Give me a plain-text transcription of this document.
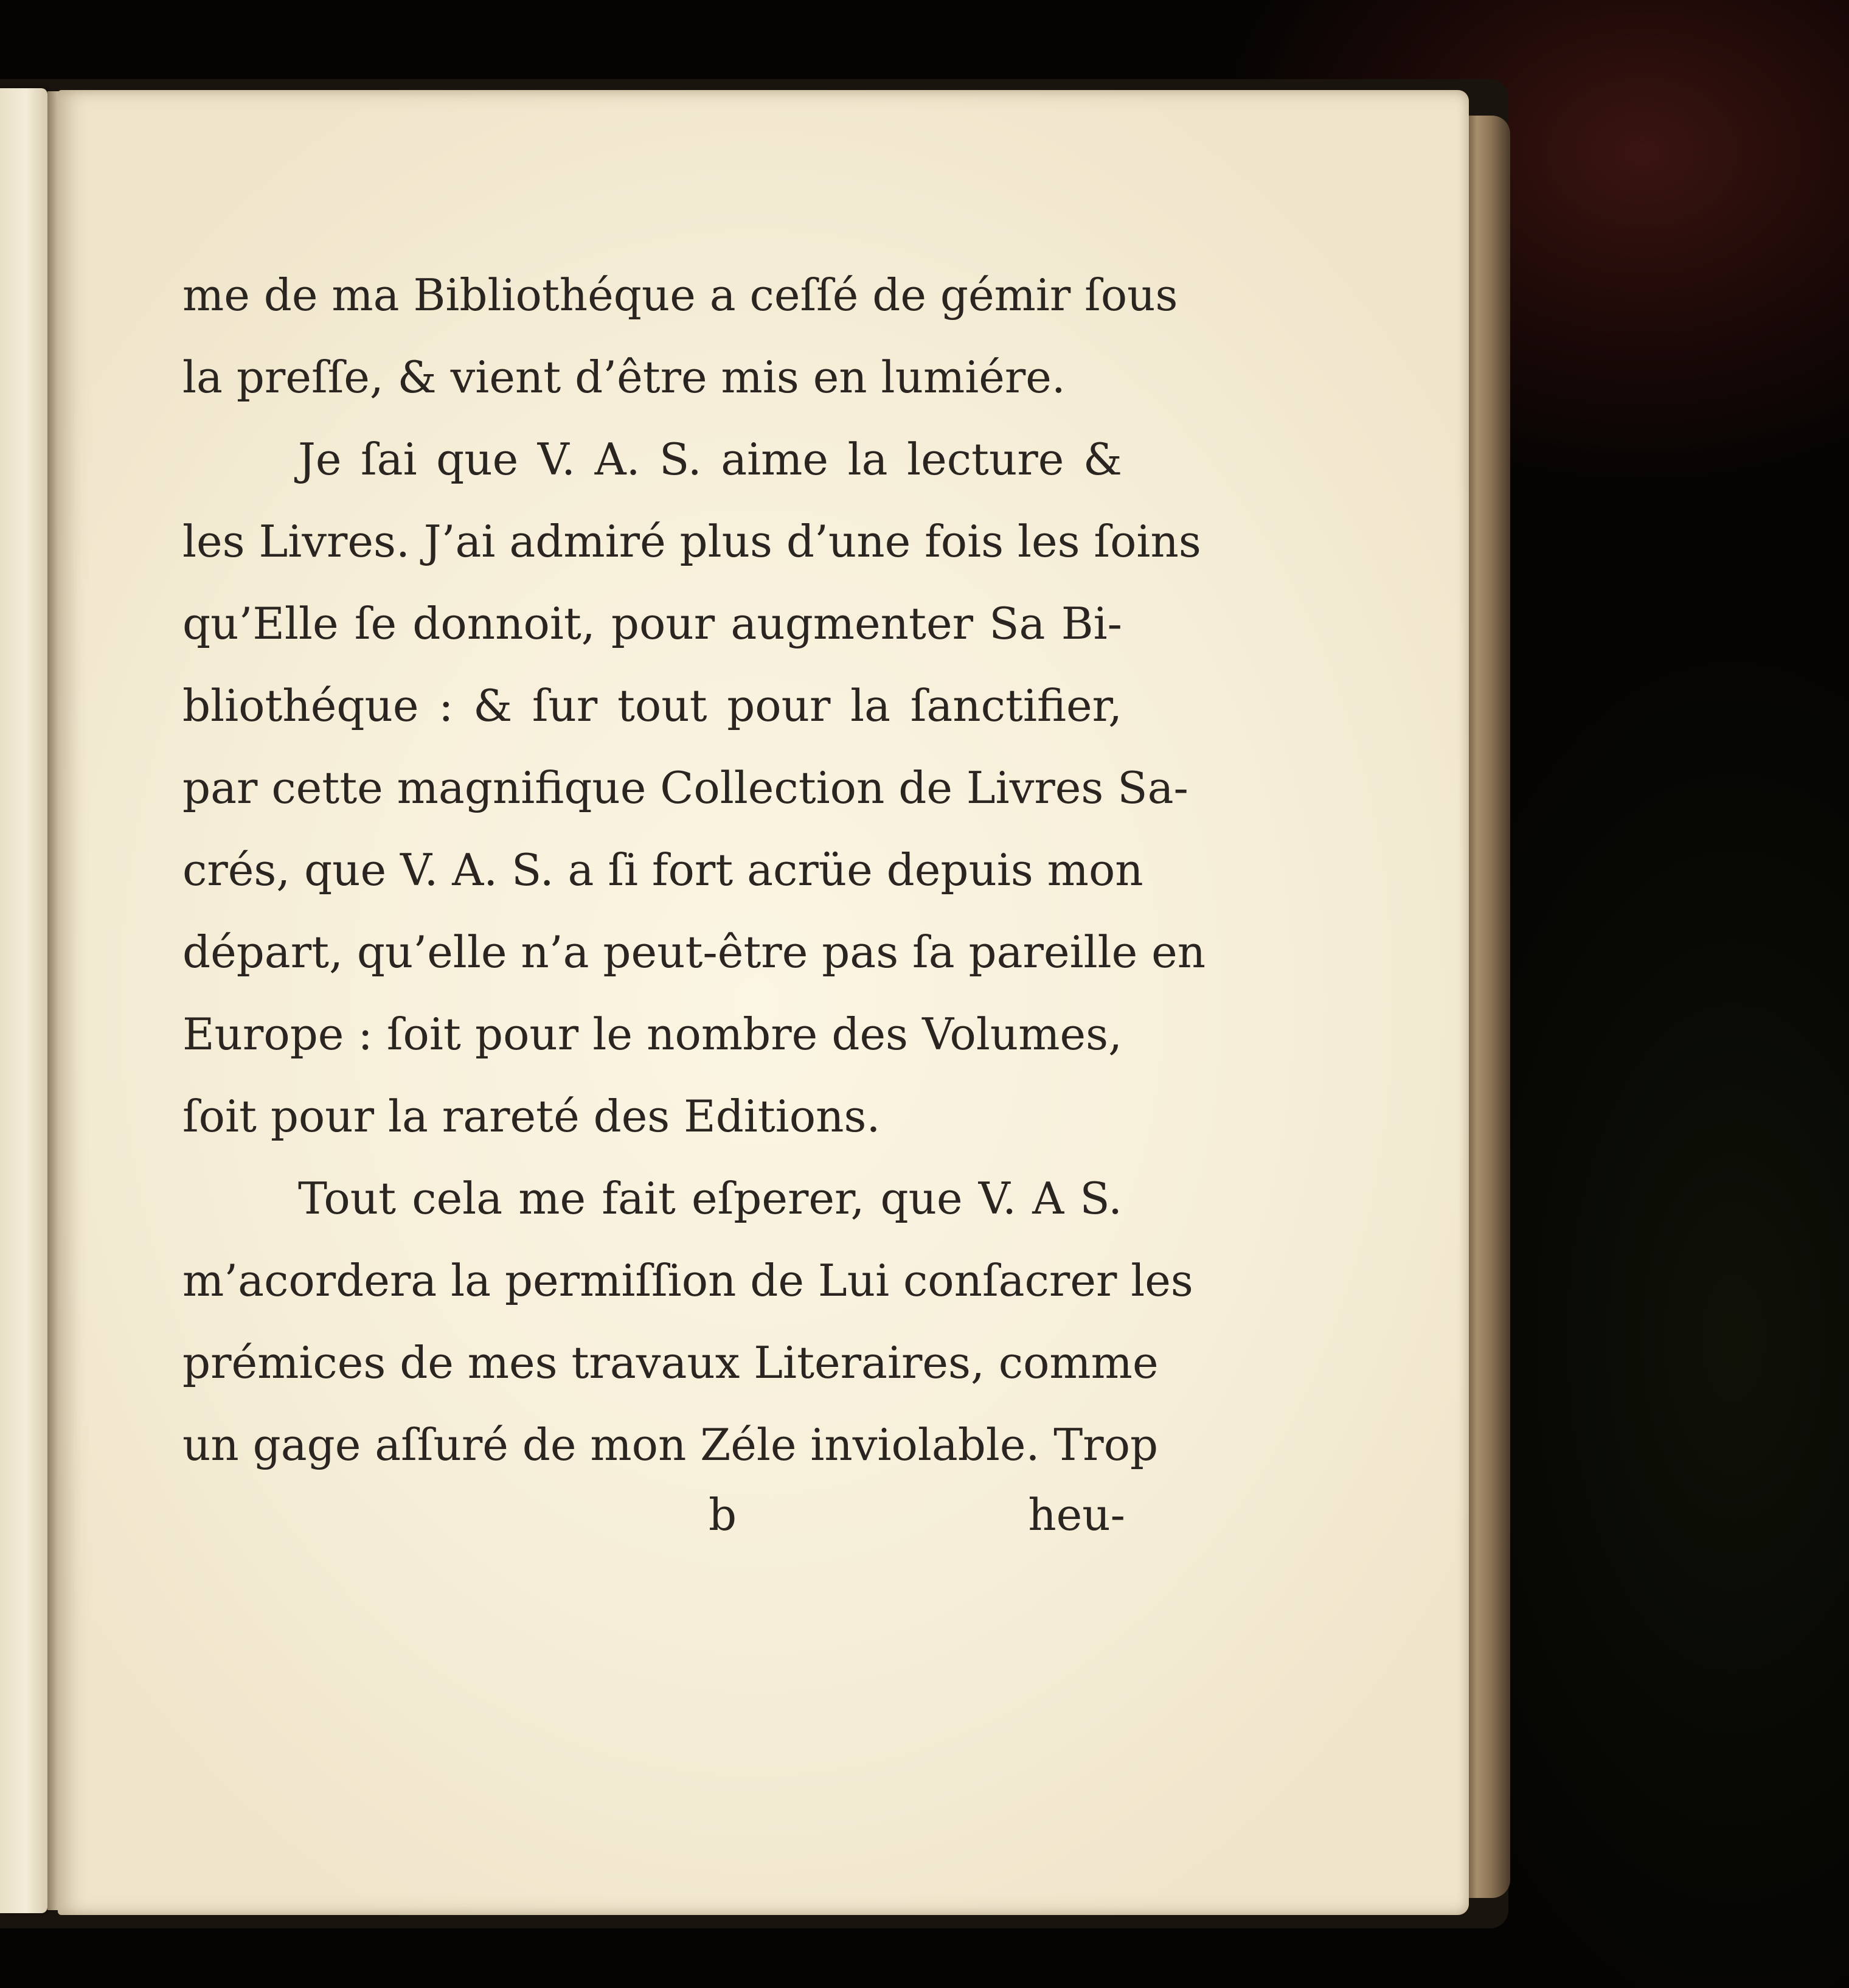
me de ma Bibliothéque a ceſſé de gémir ſous
la preſſe, & vient d’être mis en lumiére.
Je ſai que V. A. S. aime la lecture &
les Livres. J’ai admiré plus d’une fois les ſoins
qu’Elle ſe donnoit, pour augmenter Sa Bi-
bliothéque : & ſur tout pour la ſanctifier,
par cette magnifique Collection de Livres Sa-
crés, que V. A. S. a ſi fort acrüe depuis mon
départ, qu’elle n’a peut-être pas ſa pareille en
Europe : ſoit pour le nombre des Volumes,
ſoit pour la rareté des Editions.
Tout cela me fait eſperer, que V. A S.
m’acordera la permiſſion de Lui conſacrer les
prémices de mes travaux Literaires, comme
un gage aſſuré de mon Zéle inviolable. Trop
b	heu-
